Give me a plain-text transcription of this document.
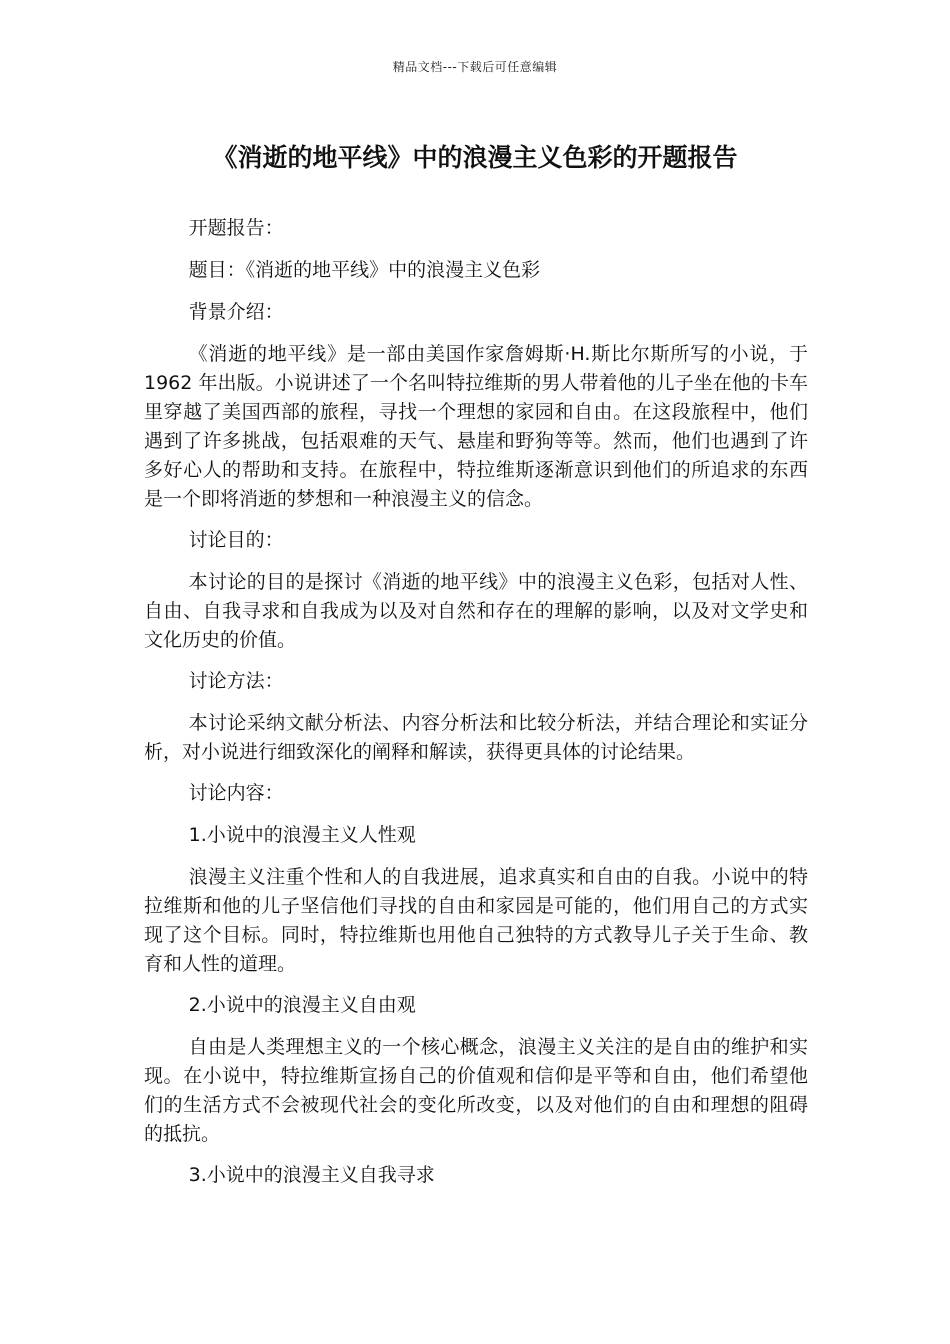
精品文档---下载后可任意编辑
《消逝的地平线》中的浪漫主义色彩的开题报告

开题报告：

题目：《消逝的地平线》中的浪漫主义色彩

背景介绍：

《消逝的地平线》是一部由美国作家詹姆斯·H.斯比尔斯所写的小说，于 1962 年出版。小说讲述了一个名叫特拉维斯的男人带着他的儿子坐在他的卡车里穿越了美国西部的旅程，寻找一个理想的家园和自由。在这段旅程中，他们遇到了许多挑战，包括艰难的天气、悬崖和野狗等等。然而，他们也遇到了许多好心人的帮助和支持。在旅程中，特拉维斯逐渐意识到他们的所追求的东西是一个即将消逝的梦想和一种浪漫主义的信念。

讨论目的：

本讨论的目的是探讨《消逝的地平线》中的浪漫主义色彩，包括对人性、自由、自我寻求和自我成为以及对自然和存在的理解的影响，以及对文学史和文化历史的价值。

讨论方法：

本讨论采纳文献分析法、内容分析法和比较分析法，并结合理论和实证分析，对小说进行细致深化的阐释和解读，获得更具体的讨论结果。

讨论内容：

1.小说中的浪漫主义人性观

浪漫主义注重个性和人的自我进展，追求真实和自由的自我。小说中的特拉维斯和他的儿子坚信他们寻找的自由和家园是可能的，他们用自己的方式实现了这个目标。同时，特拉维斯也用他自己独特的方式教导儿子关于生命、教育和人性的道理。

2.小说中的浪漫主义自由观

自由是人类理想主义的一个核心概念，浪漫主义关注的是自由的维护和实现。在小说中，特拉维斯宣扬自己的价值观和信仰是平等和自由，他们希望他们的生活方式不会被现代社会的变化所改变，以及对他们的自由和理想的阻碍的抵抗。

3.小说中的浪漫主义自我寻求
